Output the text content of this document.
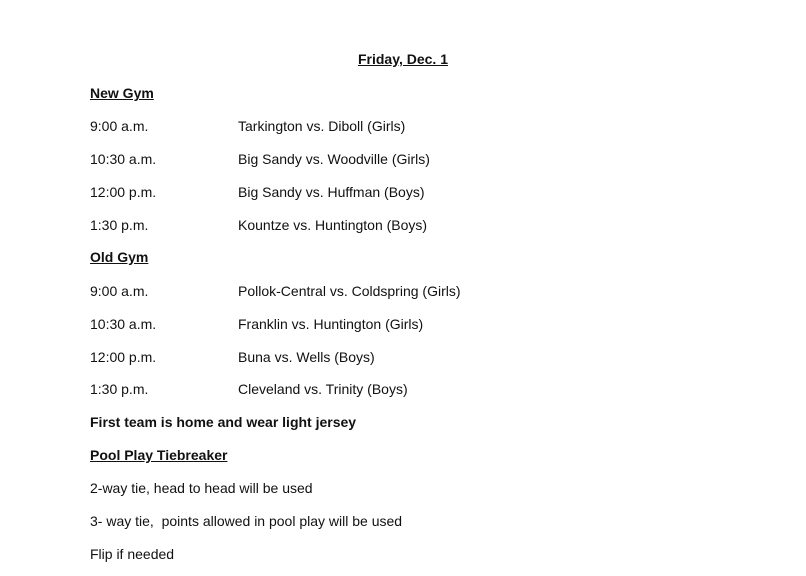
Friday, Dec. 1
New Gym
9:00 a.m.	Tarkington vs. Diboll (Girls)
10:30 a.m.	Big Sandy vs. Woodville (Girls)
12:00 p.m.	Big Sandy vs. Huffman (Boys)
1:30 p.m.	Kountze vs. Huntington (Boys)
Old Gym
9:00 a.m.	Pollok-Central vs. Coldspring (Girls)
10:30 a.m.	Franklin vs. Huntington (Girls)
12:00 p.m.	Buna vs. Wells (Boys)
1:30 p.m.	Cleveland vs. Trinity (Boys)
First team is home and wear light jersey
Pool Play Tiebreaker
2-way tie, head to head will be used
3- way tie,  points allowed in pool play will be used
Flip if needed
